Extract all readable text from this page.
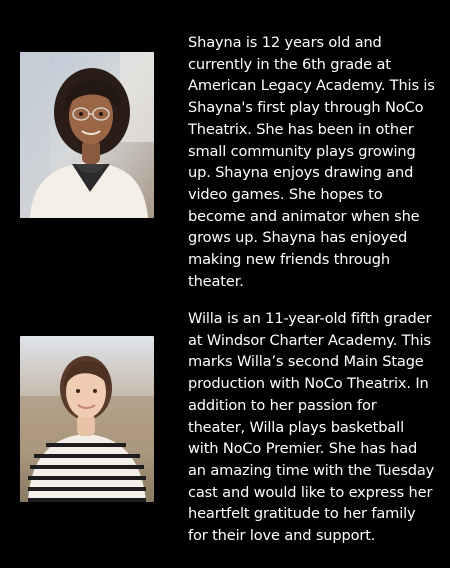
Shayna is 12 years old and
currently in the 6th grade at
American Legacy Academy. This is
Shayna's first play through NoCo
Theatrix. She has been in other
small community plays growing
up. Shayna enjoys drawing and
video games. She hopes to
become and animator when she
grows up. Shayna has enjoyed
making new friends through
theater.

Willa is an 11-year-old fifth grader
at Windsor Charter Academy. This
marks Willa’s second Main Stage
production with NoCo Theatrix. In
addition to her passion for
theater, Willa plays basketball
with NoCo Premier. She has had
an amazing time with the Tuesday
cast and would like to express her
heartfelt gratitude to her family
for their love and support.
